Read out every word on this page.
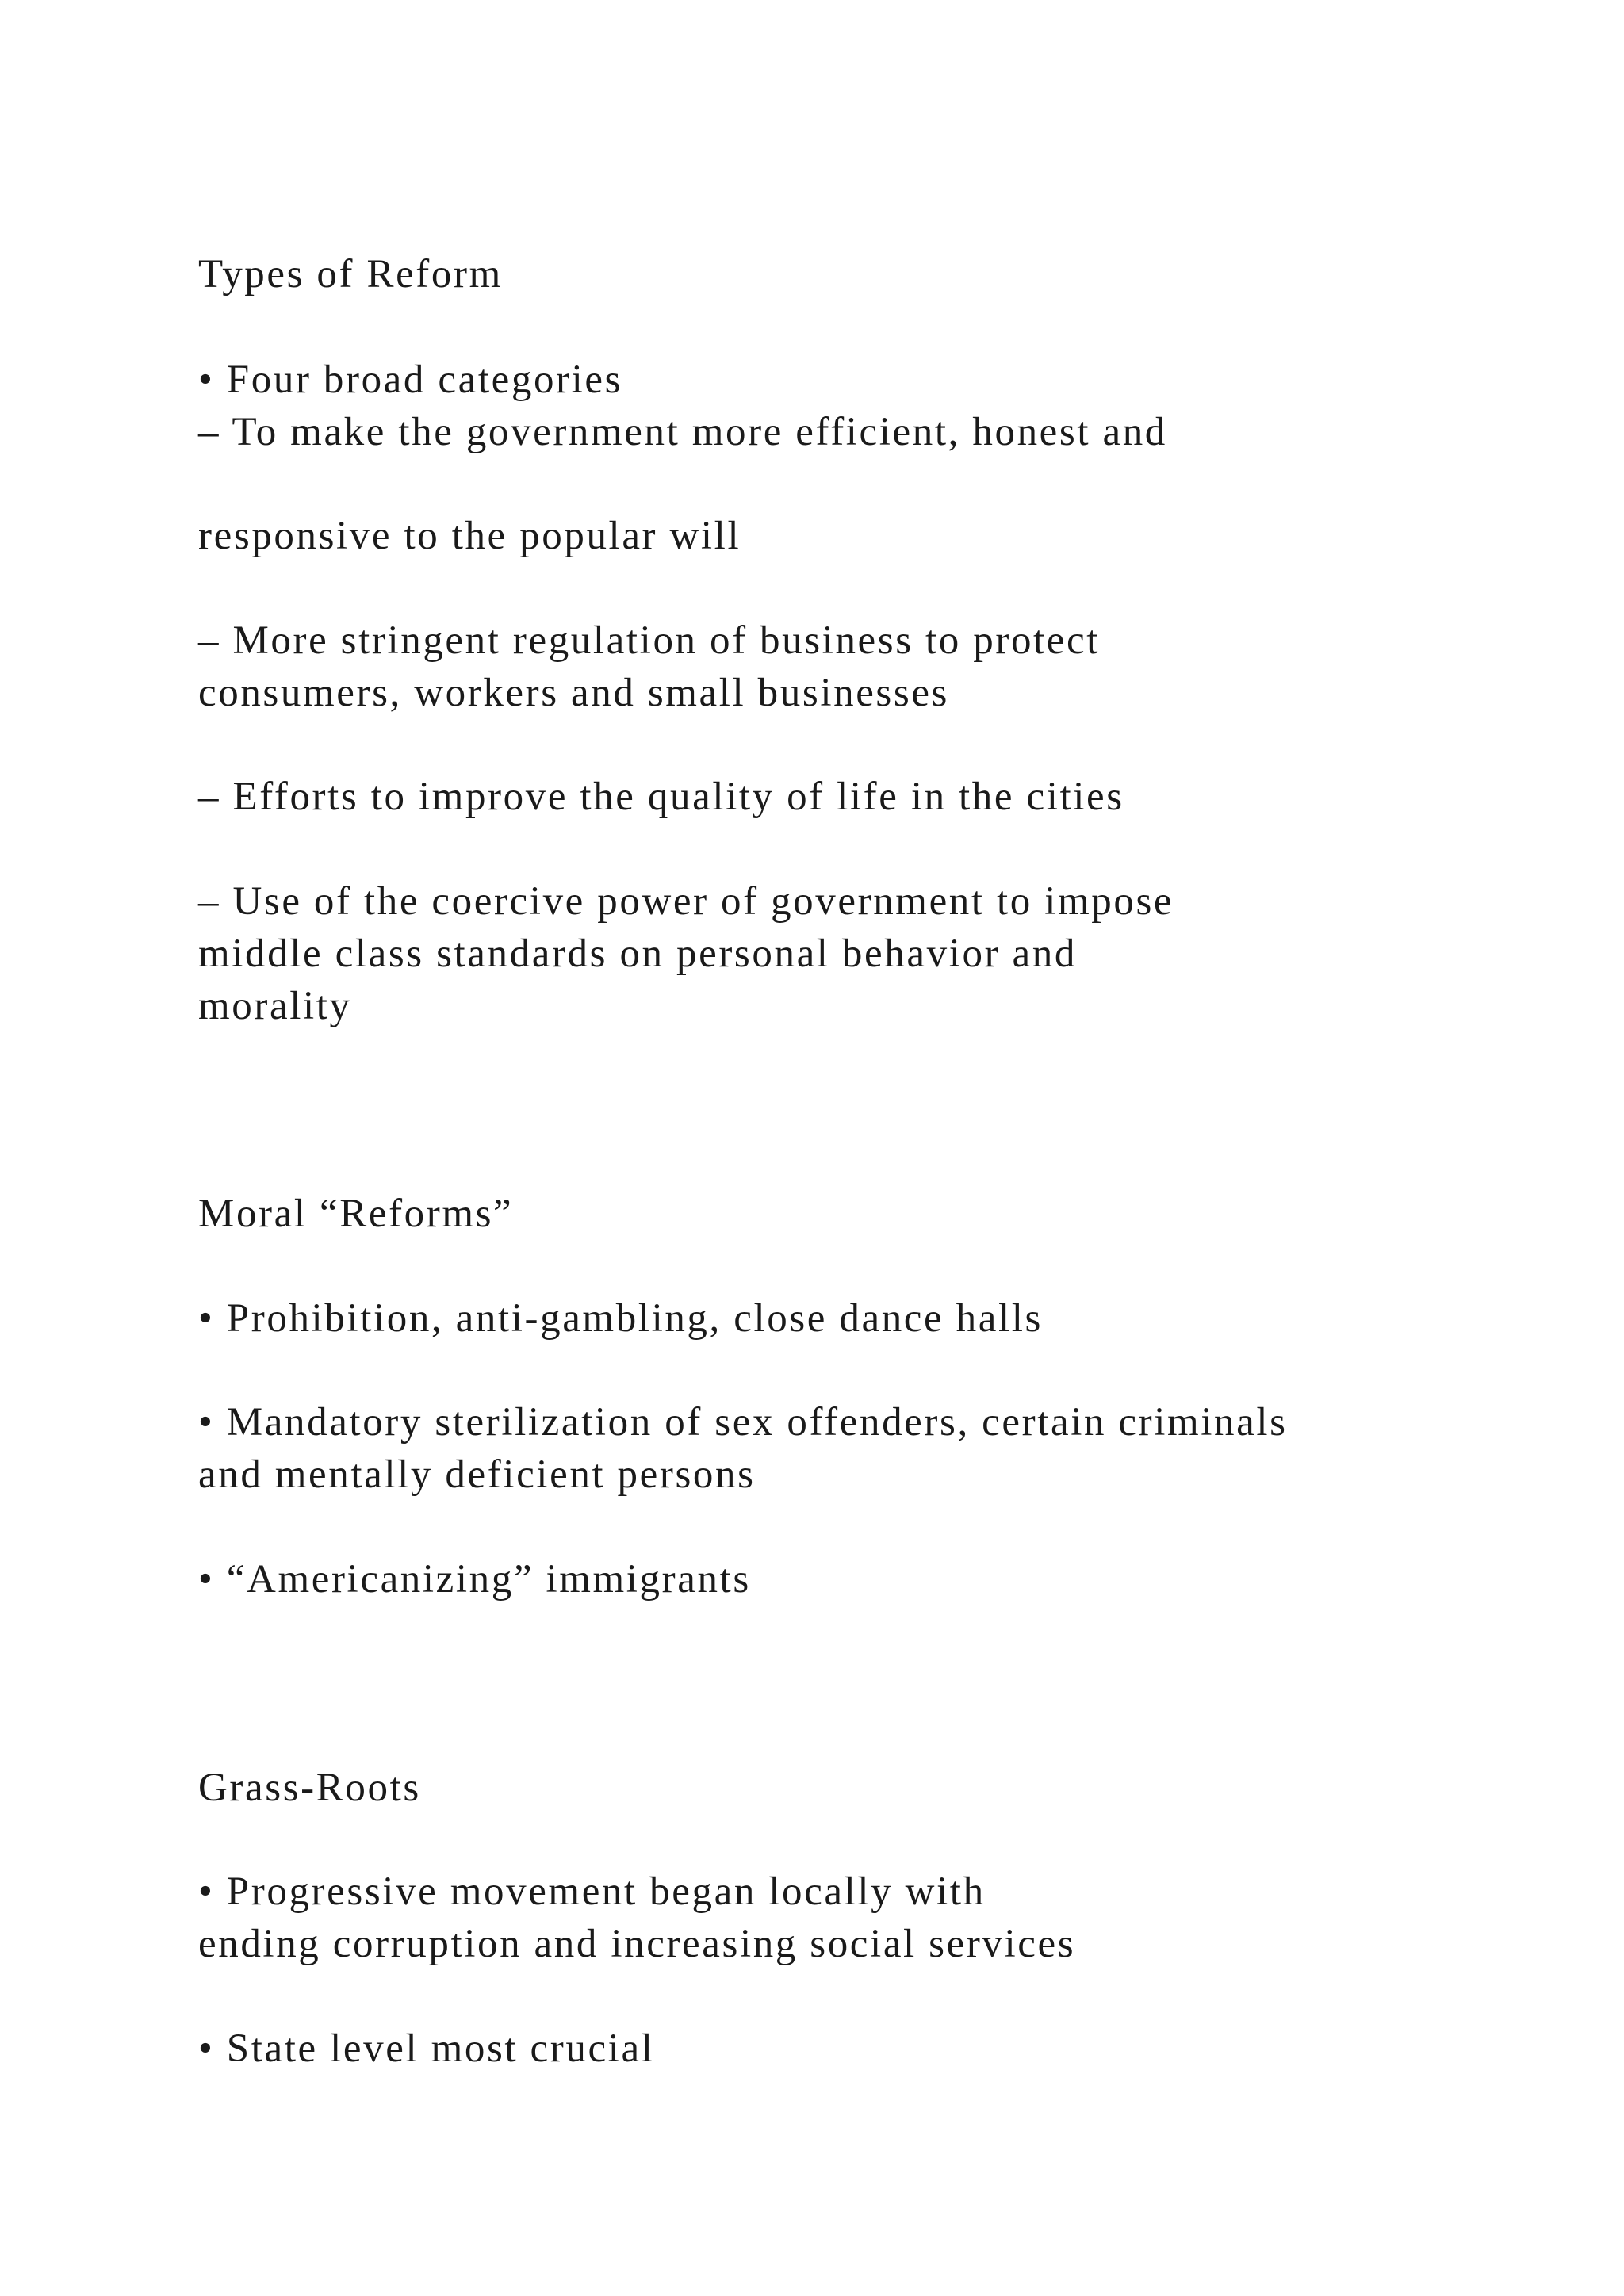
Types of Reform

• Four broad categories

– To make the government more efficient, honest and

responsive to the popular will

– More stringent regulation of business to protect

consumers, workers and small businesses

– Efforts to improve the quality of life in the cities

– Use of the coercive power of government to impose

middle class standards on personal behavior and

morality

Moral “Reforms”

• Prohibition, anti-gambling, close dance halls

• Mandatory sterilization of sex offenders, certain criminals

and mentally deficient persons

• “Americanizing” immigrants

Grass-Roots

• Progressive movement began locally with

ending corruption and increasing social services

• State level most crucial
